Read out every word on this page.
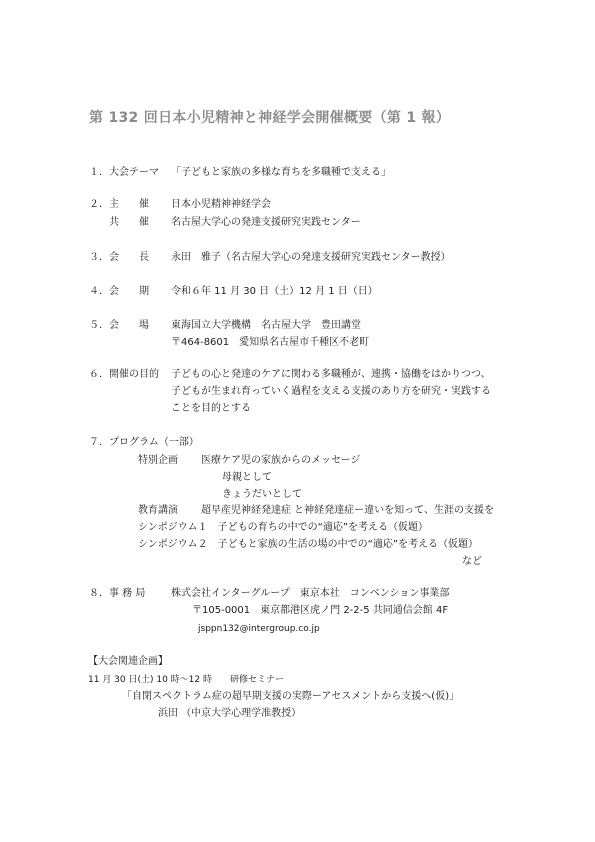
第 132 回日本小児精神と神経学会開催概要（第 1 報）
１． 大会テーマ 「子どもと家族の多様な育ちを多職種で支える」
２． 主　　催 日本小児精神神経学会
共　　催 名古屋大学心の発達支援研究実践センター
３． 会　　長 永田　雅子（名古屋大学心の発達支援研究実践センター教授）
４． 会　　期 令和６年 11 月 30 日（土）12 月 1 日（日）
５． 会　　場 東海国立大学機構　名古屋大学　豊田講堂
〒464-8601　愛知県名古屋市千種区不老町
６． 開催の目的 子どもの心と発達のケアに関わる多職種が、連携・協働をはかりつつ、
子どもが生まれ育っていく過程を支える支援のあり方を研究・実践する
ことを目的とする
７． プログラム（一部）
特別企画 医療ケア児の家族からのメッセージ
母親として
きょうだいとして
教育講演 超早産児神経発達症 と神経発達症ー違いを知って、生涯の支援を
シンポジウム１　子どもの育ちの中での“適応”を考える（仮題）
シンポジウム２　子どもと家族の生活の場の中での“適応”を考える（仮題）
など
８． 事 務 局	株式会社インターグループ　東京本社　コンベンション事業部
〒105-0001　東京都港区虎ノ門 2-2-5 共同通信会館 4F
jsppn132@intergroup.co.jp
【大会関連企画】
11 月 30 日(土) 10 時～12 時　　研修セミナー
「自閉スペクトラム症の超早期支援の実際ーアセスメントから支援へ(仮)」
浜田 （中京大学心理学准教授）
